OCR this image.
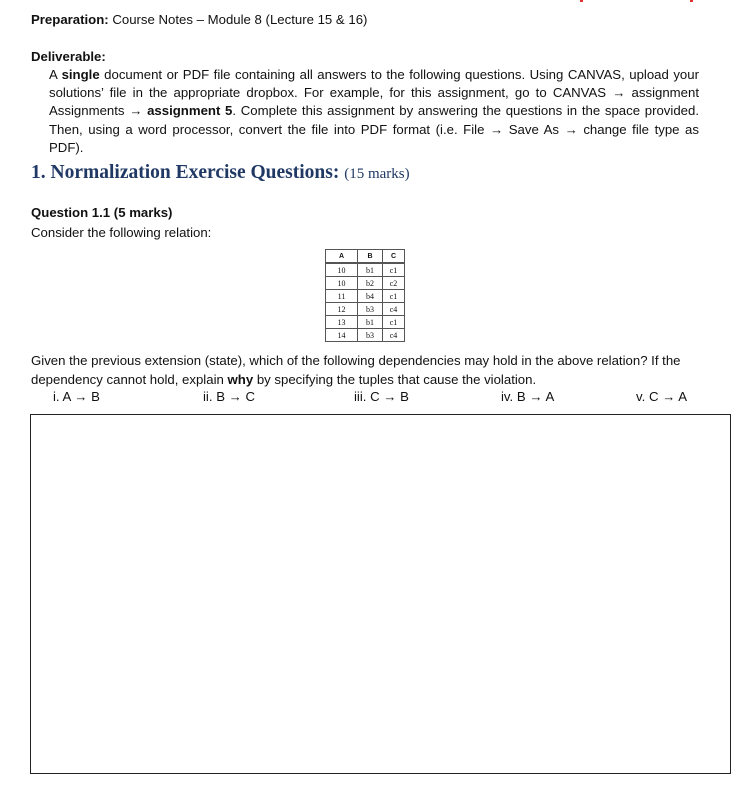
Preparation: Course Notes – Module 8 (Lecture 15 & 16)
Deliverable:

A single document or PDF file containing all answers to the following questions. Using CANVAS, upload your solutions’ file in the appropriate dropbox. For example, for this assignment, go to CANVAS → assignment Assignments → assignment 5. Complete this assignment by answering the questions in the space provided. Then, using a word processor, convert the file into PDF format (i.e. File → Save As → change file type as PDF).

1. Normalization Exercise Questions: (15 marks)
Question 1.1 (5 marks)
Consider the following relation:
A	B	C
10	b1	c1
10	b2	c2
11	b4	c1
12	b3	c4
13	b1	c1
14	b3	c4
Given the previous extension (state), which of the following dependencies may hold in the above relation? If the dependency cannot hold, explain why by specifying the tuples that cause the violation.
i. A → B	ii. B → C	iii. C → B	iv. B → A	v. C → A
